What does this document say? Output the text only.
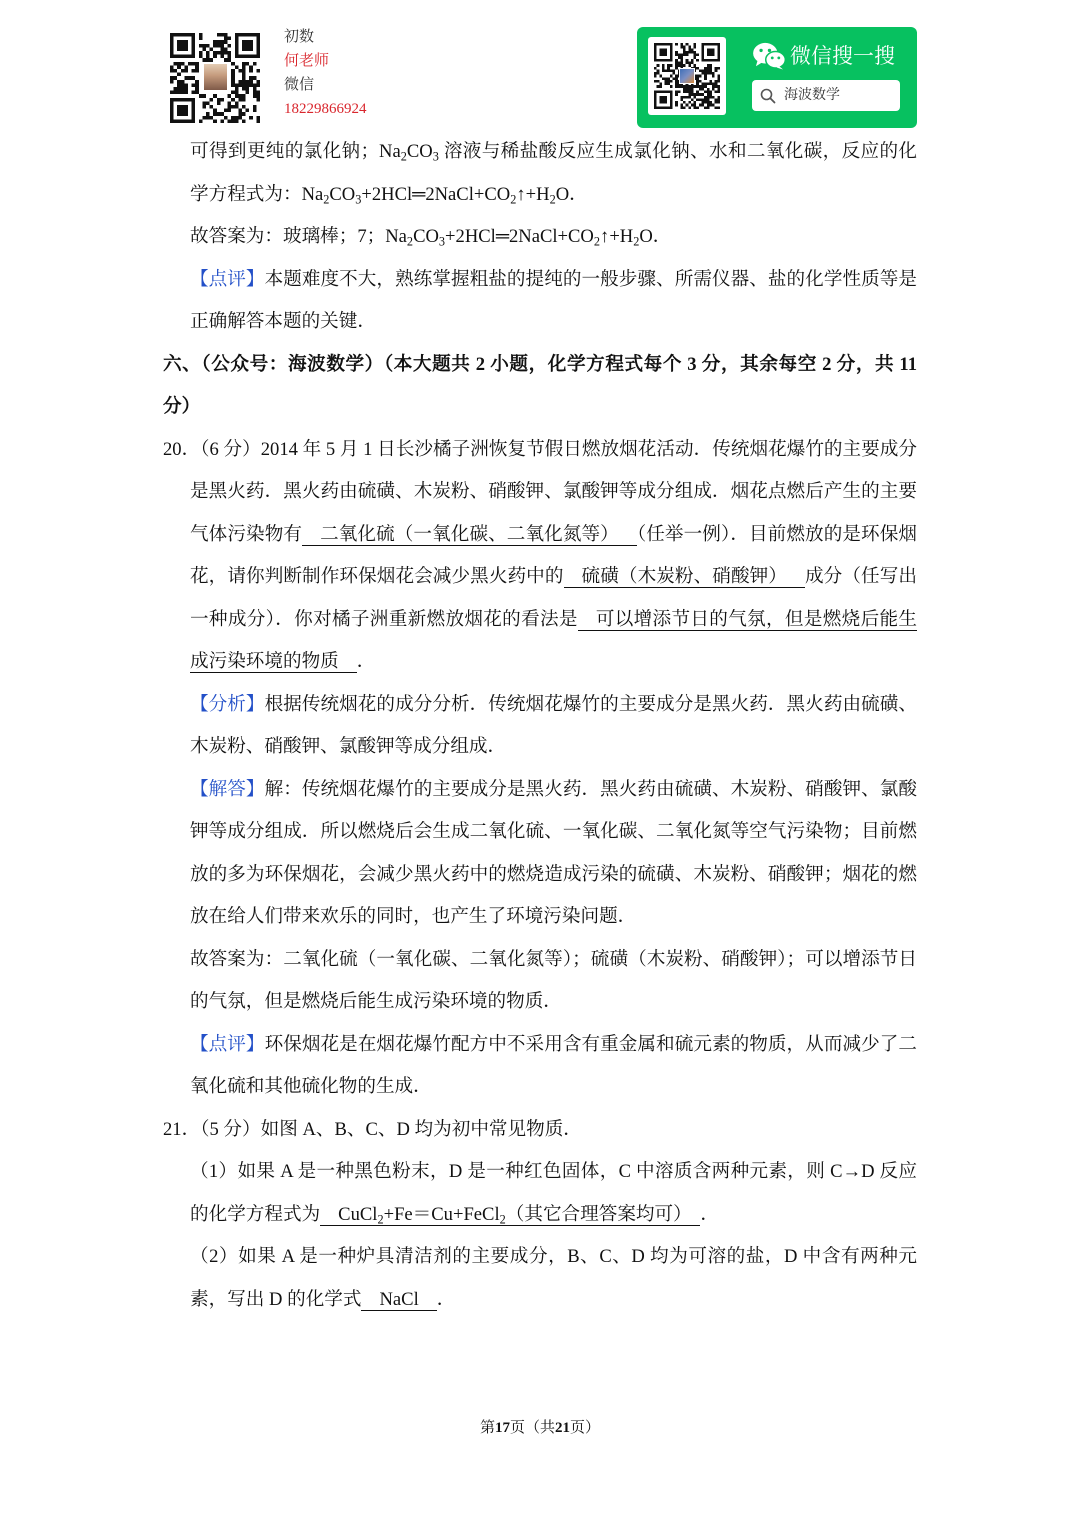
初数
何老师
微信
18229866924
微信搜一搜
海波数学

可得到更纯的氯化钠；$Na_2CO_3$ 溶液与稀盐酸反应生成氯化钠、水和二氧化碳，反应的化学方程式为：$Na_2CO_3+2HCl═2NaCl+CO_2↑+H_2O$．

故答案为：玻璃棒；7；$Na_2CO_3+2HCl═2NaCl+CO_2↑+H_2O$．

【点评】本题难度不大，熟练掌握粗盐的提纯的一般步骤、所需仪器、盐的化学性质等是正确解答本题的关键．

六、（公众号：海波数学）（本大题共 2 小题，化学方程式每个 3 分，其余每空 2 分，共 11 分）

20．（6 分）2014 年 5 月 1 日长沙橘子洲恢复节假日燃放烟花活动．传统烟花爆竹的主要成分是黑火药．黑火药由硫磺、木炭粉、硝酸钾、氯酸钾等成分组成．烟花点燃后产生的主要气体污染物有 二氧化硫（一氧化碳、二氧化氮等） （任举一例）．目前燃放的是环保烟花，请你判断制作环保烟花会减少黑火药中的 硫磺（木炭粉、硝酸钾） 成分（任写出一种成分）．你对橘子洲重新燃放烟花的看法是 可以增添节日的气氛，但是燃烧后能生成污染环境的物质 ．

【分析】根据传统烟花的成分分析．传统烟花爆竹的主要成分是黑火药．黑火药由硫磺、木炭粉、硝酸钾、氯酸钾等成分组成．

【解答】解：传统烟花爆竹的主要成分是黑火药．黑火药由硫磺、木炭粉、硝酸钾、氯酸钾等成分组成．所以燃烧后会生成二氧化硫、一氧化碳、二氧化氮等空气污染物；目前燃放的多为环保烟花，会减少黑火药中的燃烧造成污染的硫磺、木炭粉、硝酸钾；烟花的燃放在给人们带来欢乐的同时，也产生了环境污染问题．

故答案为：二氧化硫（一氧化碳、二氧化氮等）；硫磺（木炭粉、硝酸钾）；可以增添节日的气氛，但是燃烧后能生成污染环境的物质．

【点评】环保烟花是在烟花爆竹配方中不采用含有重金属和硫元素的物质，从而减少了二氧化硫和其他硫化物的生成．

21．（5 分）如图 A、B、C、D 均为初中常见物质．

（1）如果 A 是一种黑色粉末，D 是一种红色固体，C 中溶质含两种元素，则 C→D 反应的化学方程式为 CuCl$_2$+Fe＝Cu+FeCl$_2$（其它合理答案均可） ．

（2）如果 A 是一种炉具清洁剂的主要成分，B、C、D 均为可溶的盐，D 中含有两种元素，写出 D 的化学式 NaCl ．

第17页（共21页）
